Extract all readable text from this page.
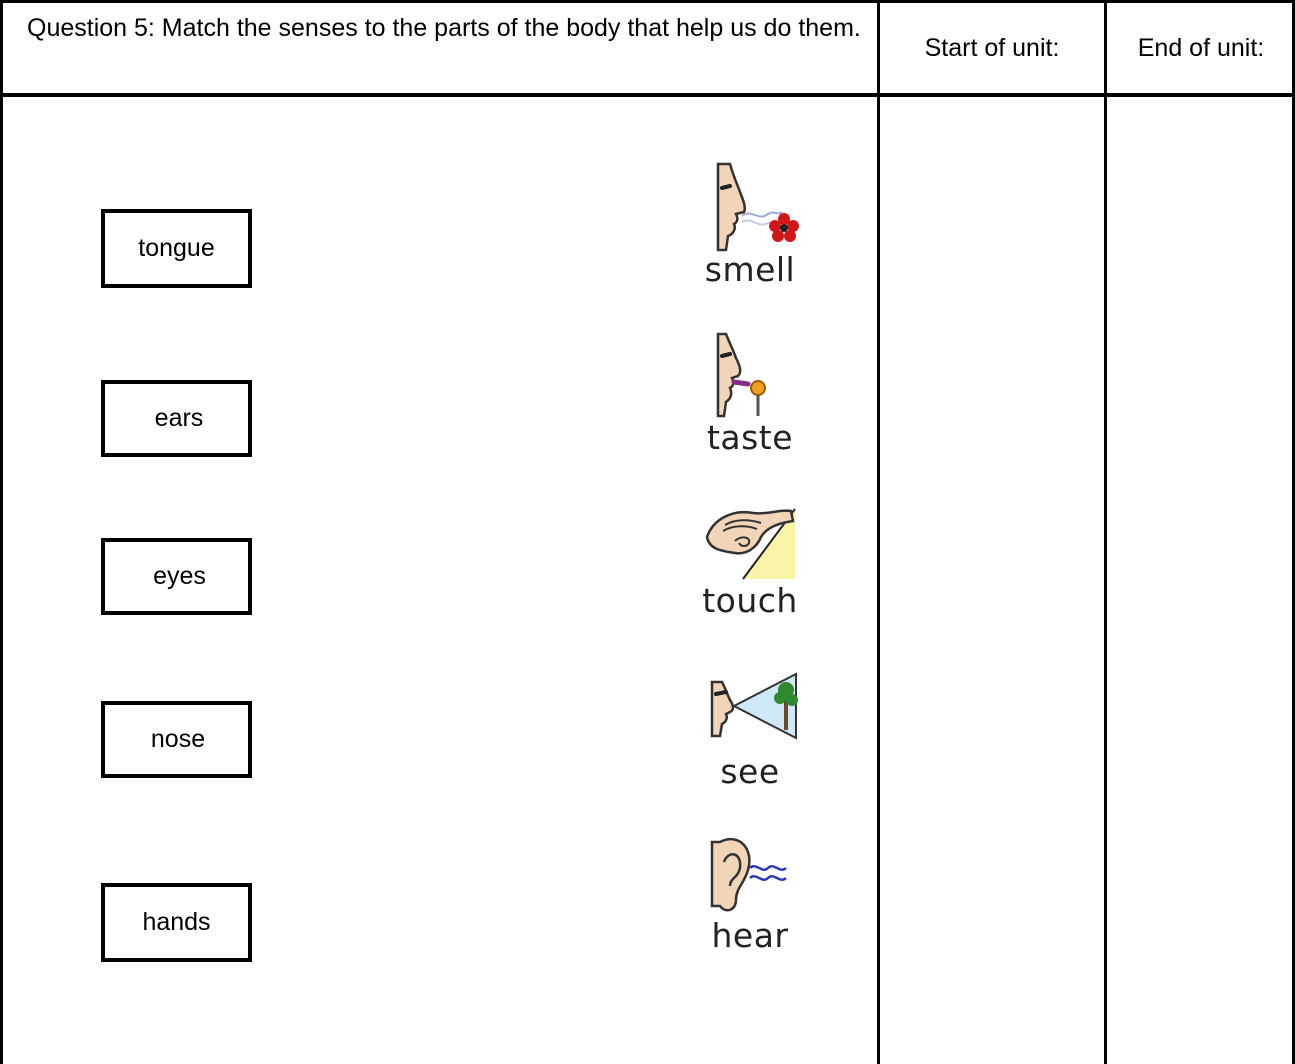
Question 5: Match the senses to the parts of the body that help us do them.
Start of unit:	End of unit:
tongue
ears
eyes
nose
hands
smell
taste
touch
see
hear
